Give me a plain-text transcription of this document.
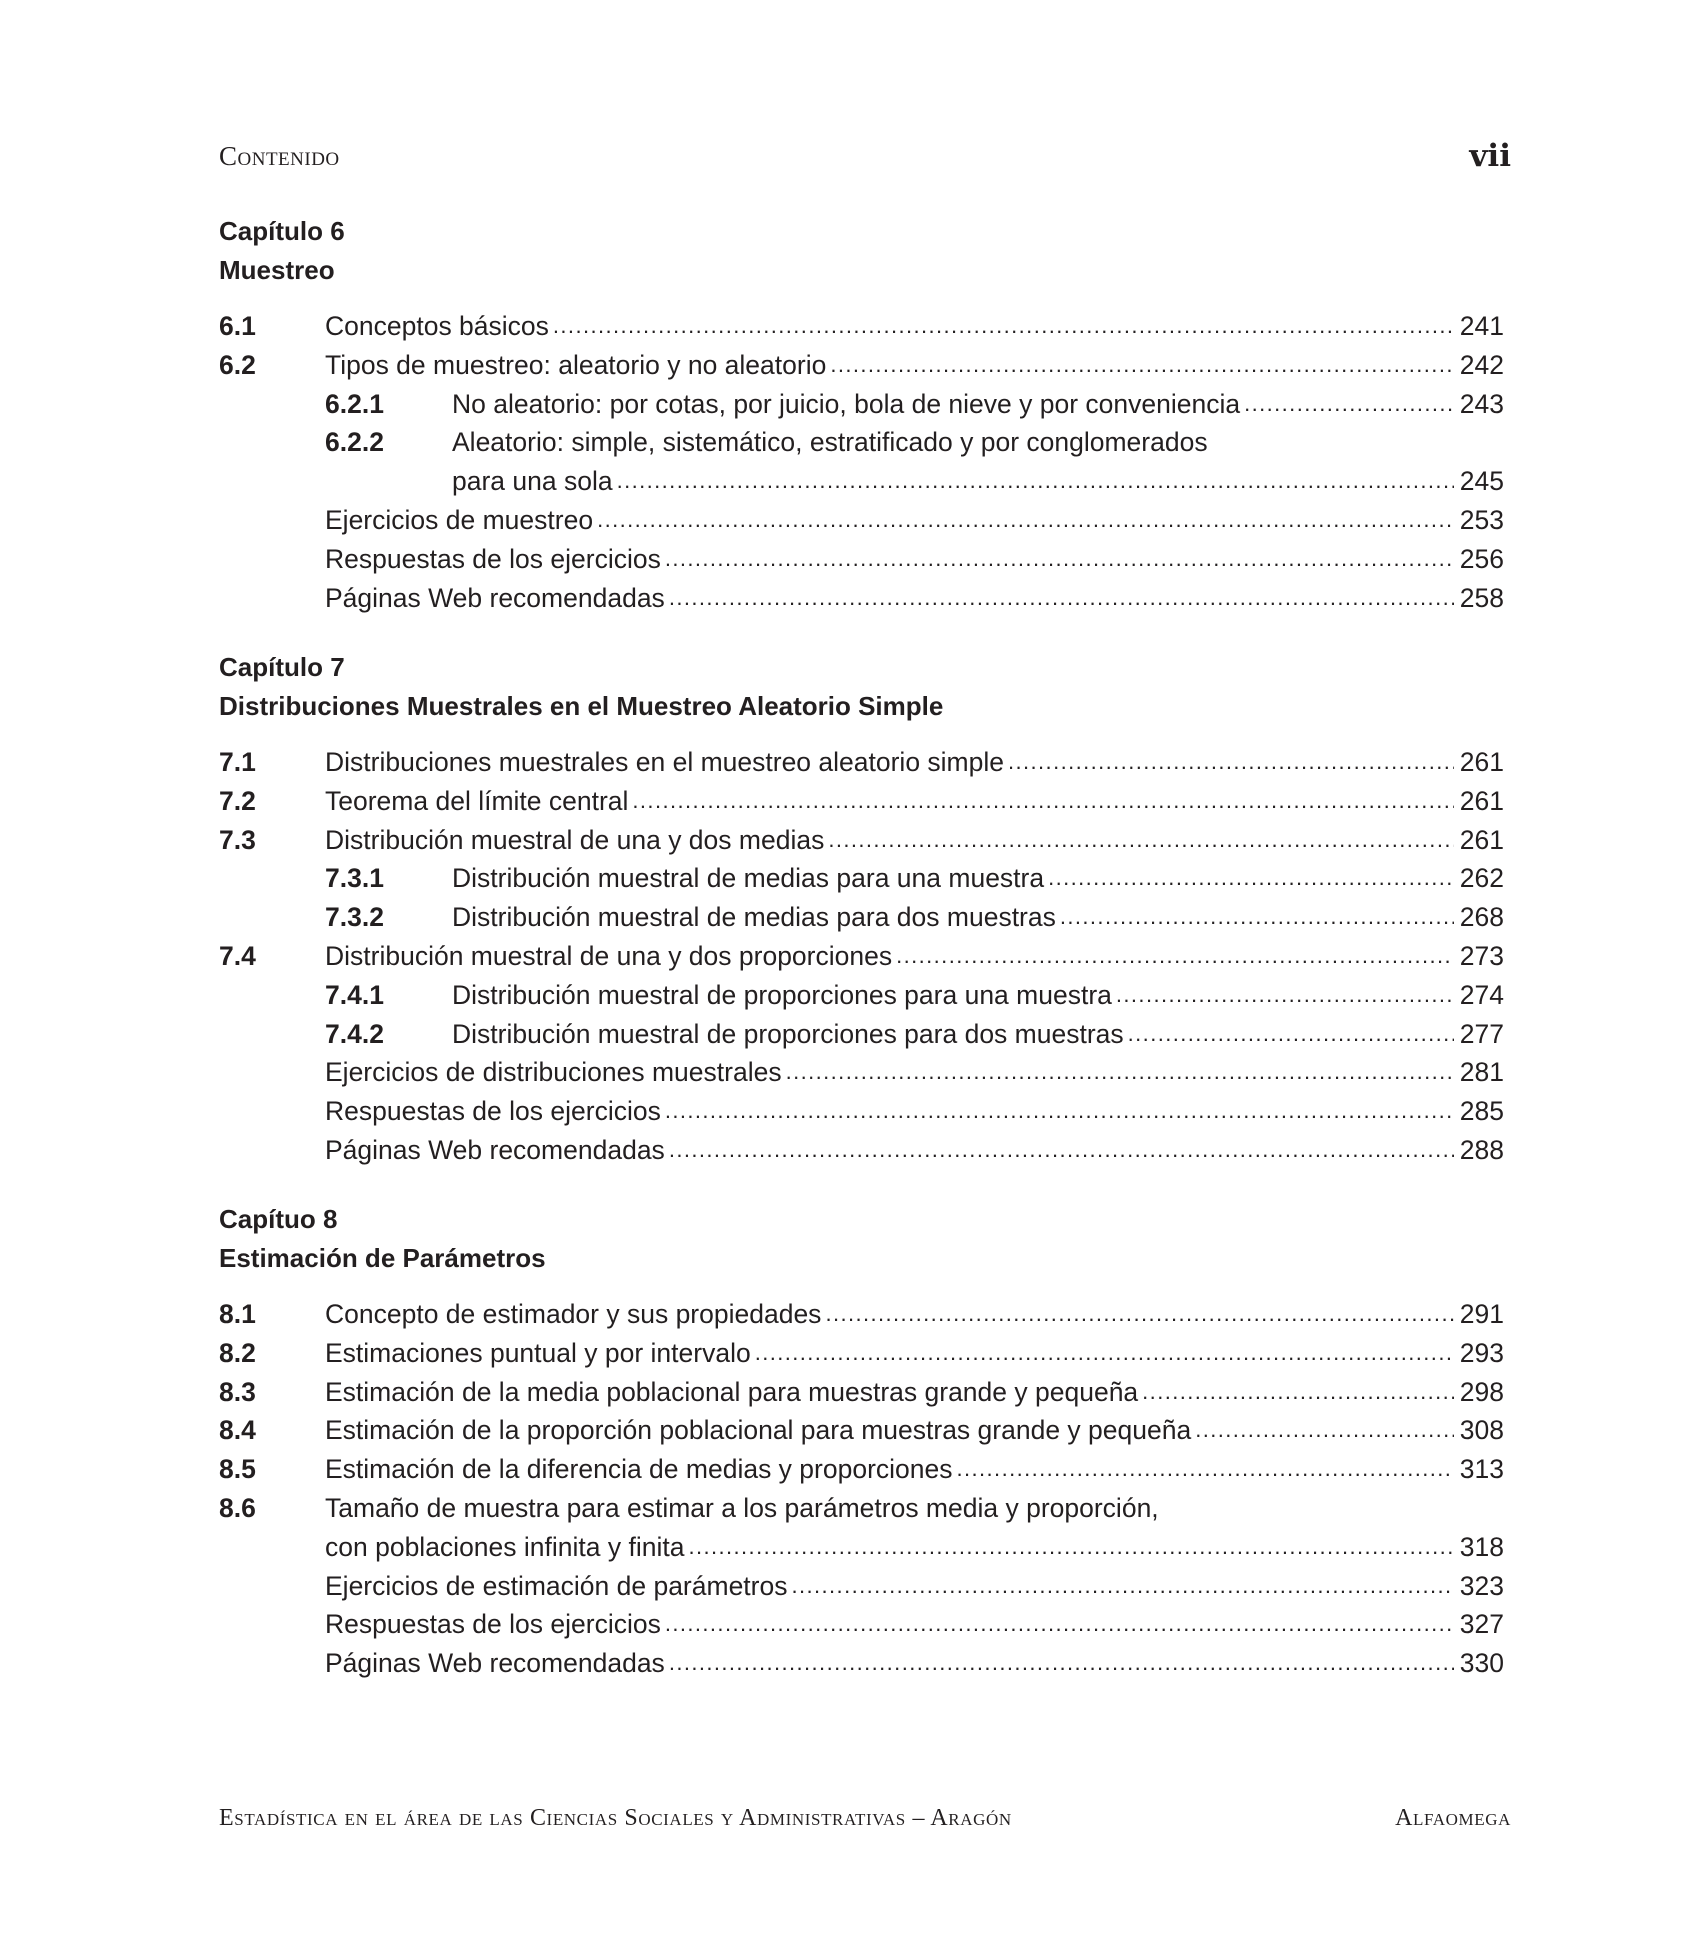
Contenido	vii
Capítulo 6
Muestreo
6.1	Conceptos básicos .....	241
6.2	Tipos de muestreo: aleatorio y no aleatorio .....	242
6.2.1	No aleatorio: por cotas, por juicio, bola de nieve y por conveniencia .....	243
6.2.2	Aleatorio: simple, sistemático, estratificado y por conglomerados
para una sola .....	245
Ejercicios de muestreo .....	253
Respuestas de los ejercicios .....	256
Páginas Web recomendadas .....	258
Capítulo 7
Distribuciones Muestrales en el Muestreo Aleatorio Simple
7.1	Distribuciones muestrales en el muestreo aleatorio simple .....	261
7.2	Teorema del límite central .....	261
7.3	Distribución muestral de una y dos medias .....	261
7.3.1	Distribución muestral de medias para una muestra .....	262
7.3.2	Distribución muestral de medias para dos muestras .....	268
7.4	Distribución muestral de una y dos proporciones .....	273
7.4.1	Distribución muestral de proporciones para una muestra .....	274
7.4.2	Distribución muestral de proporciones para dos muestras .....	277
Ejercicios de distribuciones muestrales .....	281
Respuestas de los ejercicios .....	285
Páginas Web recomendadas .....	288
Capítuo 8
Estimación de Parámetros
8.1	Concepto de estimador y sus propiedades .....	291
8.2	Estimaciones puntual y por intervalo .....	293
8.3	Estimación de la media poblacional para muestras grande y pequeña .....	298
8.4	Estimación de la proporción poblacional para muestras grande y pequeña .....	308
8.5	Estimación de la diferencia de medias y proporciones .....	313
8.6	Tamaño de muestra para estimar a los parámetros media y proporción,
con poblaciones infinita y finita .....	318
Ejercicios de estimación de parámetros .....	323
Respuestas de los ejercicios .....	327
Páginas Web recomendadas .....	330
Estadística en el área de las Ciencias Sociales y Administrativas – Aragón	Alfaomega
